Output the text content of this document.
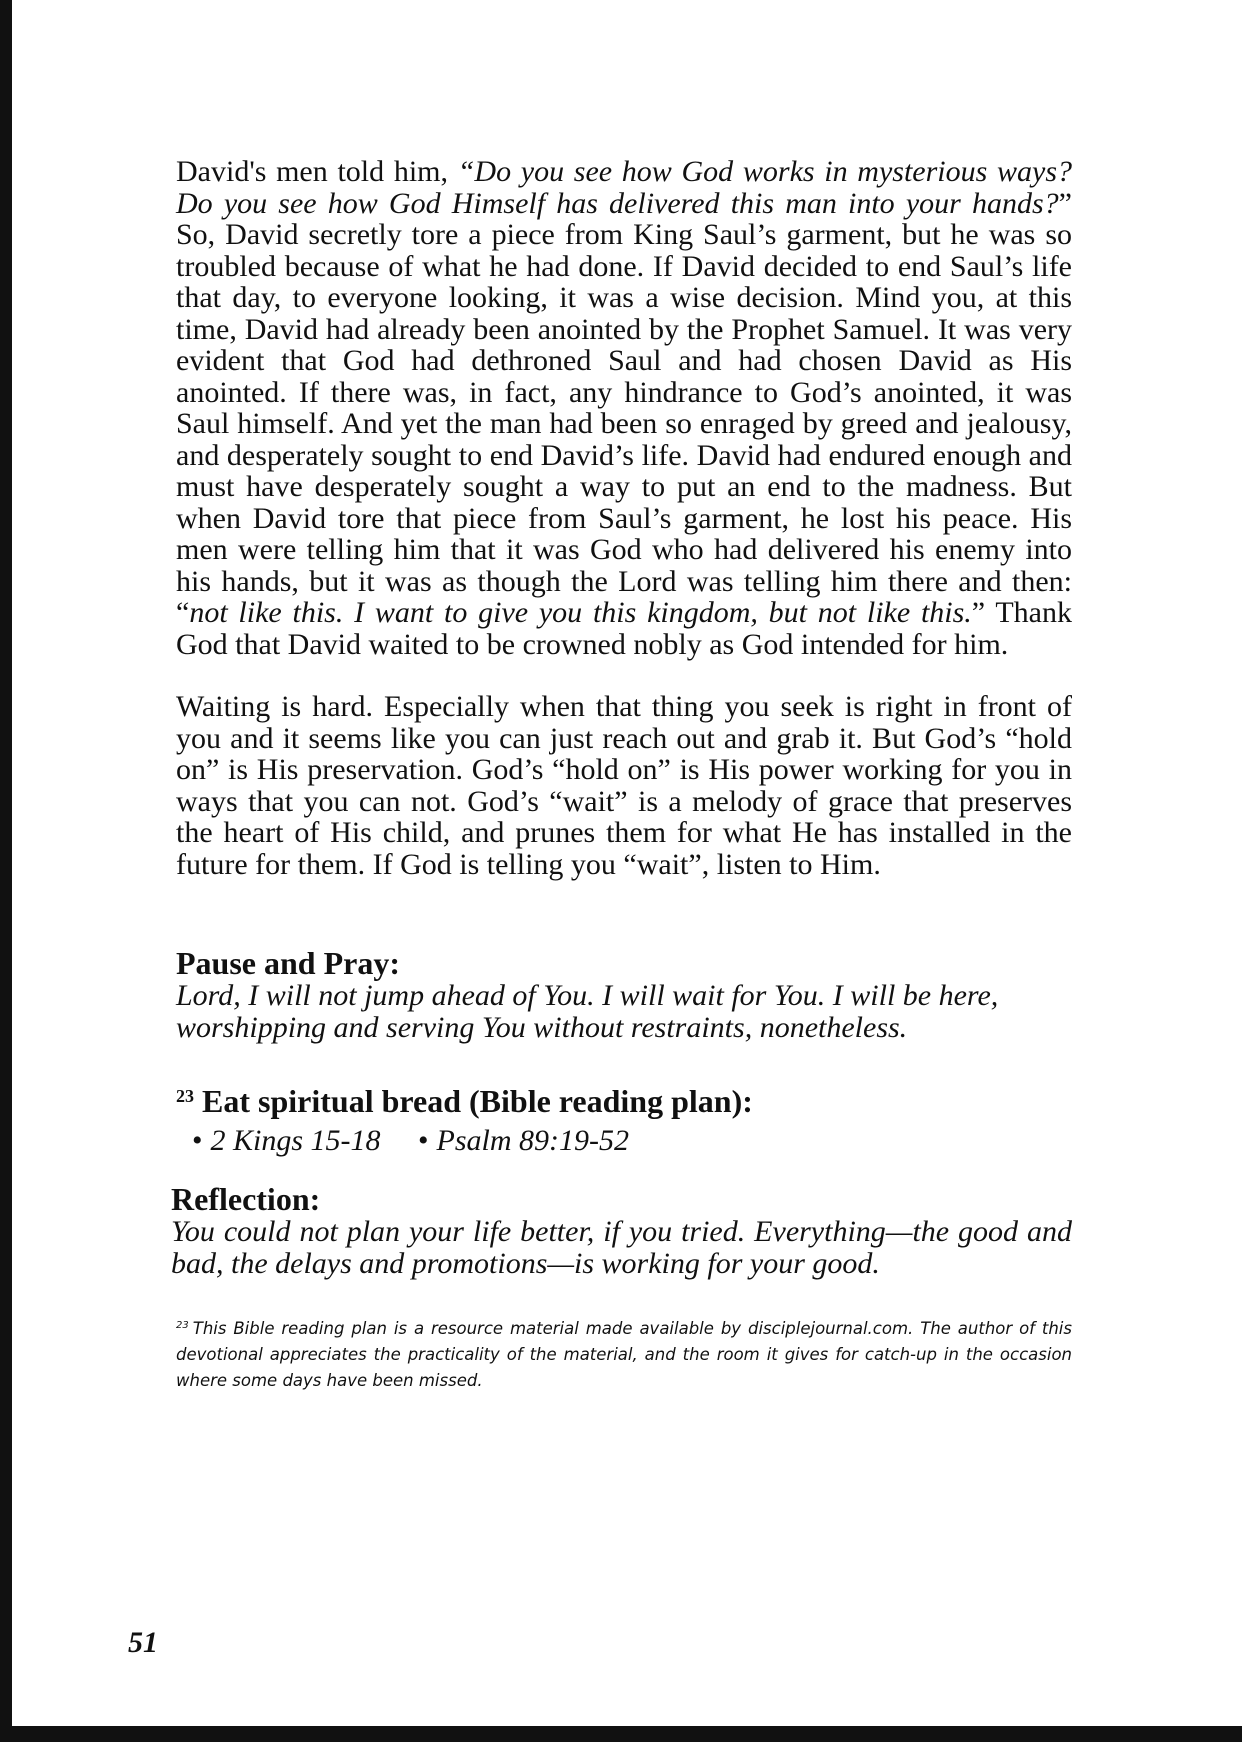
David's men told him, “Do you see how God works in mysterious ways? Do you see how God Himself has delivered this man into your hands?” So, David secretly tore a piece from King Saul’s garment, but he was so troubled because of what he had done. If David decided to end Saul’s life that day, to everyone looking, it was a wise decision. Mind you, at this time, David had already been anointed by the Prophet Samuel. It was very evident that God had dethroned Saul and had chosen David as His anointed. If there was, in fact, any hindrance to God’s anointed, it was Saul himself. And yet the man had been so enraged by greed and jealousy, and desperately sought to end David’s life. David had endured enough and must have desperately sought a way to put an end to the madness. But when David tore that piece from Saul’s garment, he lost his peace. His men were telling him that it was God who had delivered his enemy into his hands, but it was as though the Lord was telling him there and then: “not like this. I want to give you this kingdom, but not like this.” Thank God that David waited to be crowned nobly as God intended for him.

Waiting is hard. Especially when that thing you seek is right in front of you and it seems like you can just reach out and grab it. But God’s “hold on” is His preservation. God’s “hold on” is His power working for you in ways that you can not. God’s “wait” is a melody of grace that preserves the heart of His child, and prunes them for what He has installed in the future for them. If God is telling you “wait”, listen to Him.

Pause and Pray:

Lord, I will not jump ahead of You. I will wait for You. I will be here, worshipping and serving You without restraints, nonetheless.

$^{23}$ Eat spiritual bread (Bible reading plan):

• 2 Kings 15-18 • Psalm 89:19-52

Reflection:

You could not plan your life better, if you tried. Everything—the good and bad, the delays and promotions—is working for your good.

$^{23}$ This Bible reading plan is a resource material made available by disciplejournal.com. The author of this devotional appreciates the practicality of the material, and the room it gives for catch-up in the occasion where some days have been missed.
51
